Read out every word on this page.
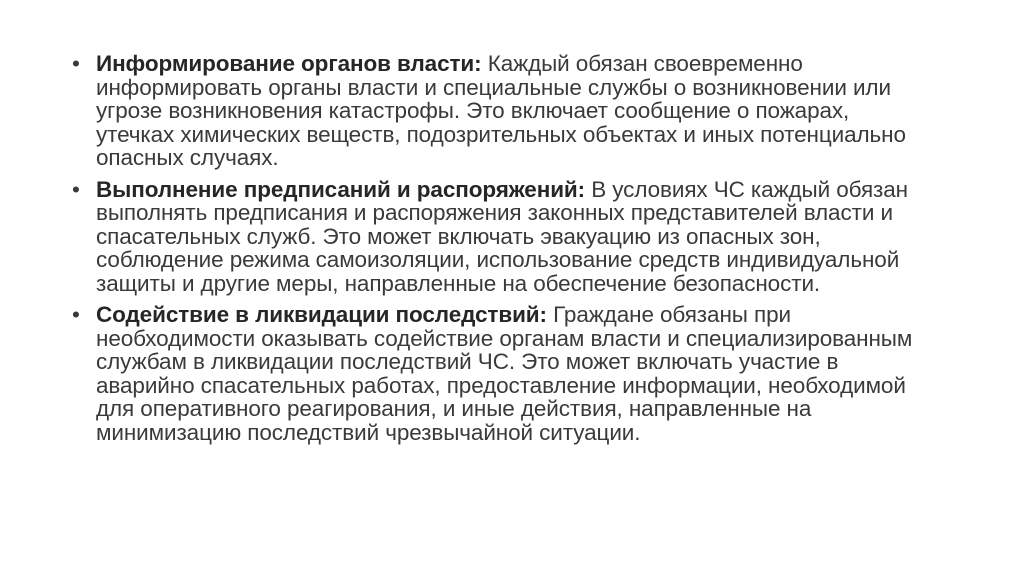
• Информирование органов власти: Каждый обязан своевременно информировать органы власти и специальные службы о возникновении или угрозе возникновения катастрофы. Это включает сообщение о пожарах, утечках химических веществ, подозрительных объектах и иных потенциально опасных случаях.
• Выполнение предписаний и распоряжений: В условиях ЧС каждый обязан выполнять предписания и распоряжения законных представителей власти и спасательных служб. Это может включать эвакуацию из опасных зон, соблюдение режима самоизоляции, использование средств индивидуальной защиты и другие меры, направленные на обеспечение безопасности.
• Содействие в ликвидации последствий: Граждане обязаны при необходимости оказывать содействие органам власти и специализированным службам в ликвидации последствий ЧС. Это может включать участие в аварийно спасательных работах, предоставление информации, необходимой для оперативного реагирования, и иные действия, направленные на минимизацию последствий чрезвычайной ситуации.
